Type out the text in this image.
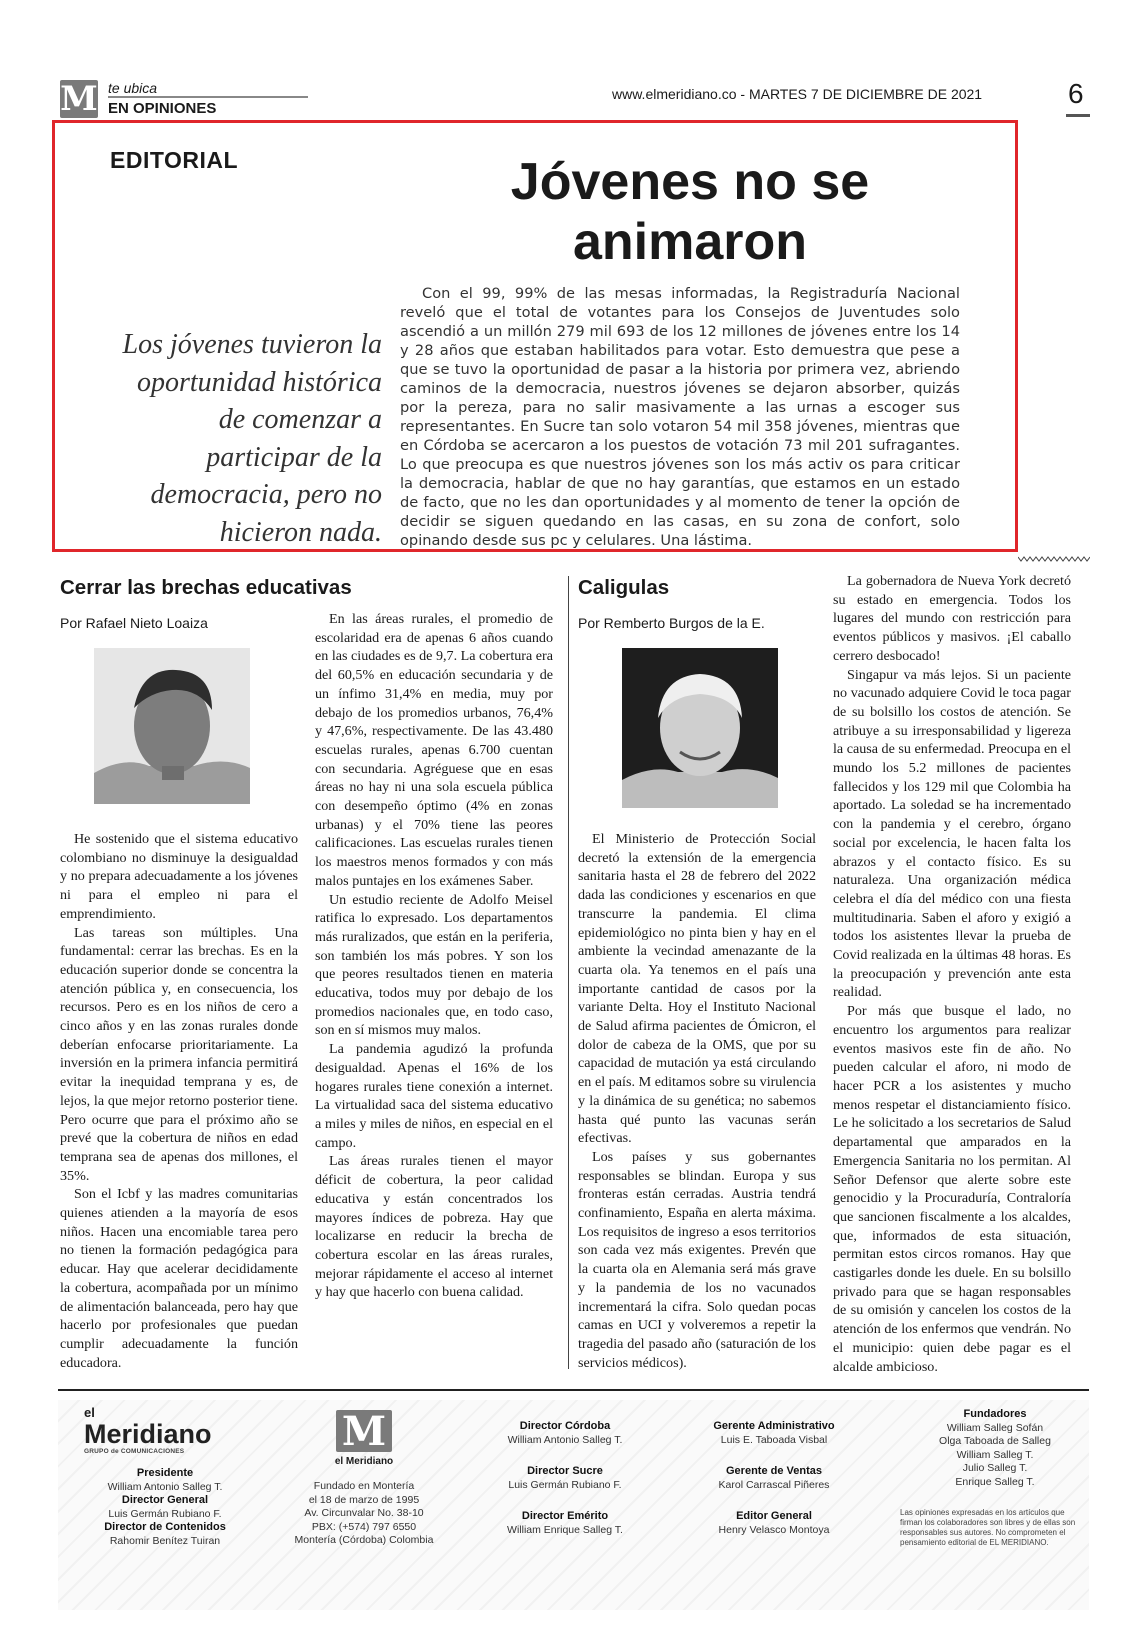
M te ubica
EN OPINIONES
www.elmeridiano.co - MARTES 7 DE DICIEMBRE DE 2021	6
EDITORIAL	Jóvenes no se animaron
Los jóvenes tuvieron la oportunidad histórica de comenzar a participar de la democracia, pero no hicieron nada.
Con el 99, 99% de las mesas informadas, la Registraduría Nacional reveló que el total de votantes para los Consejos de Juventudes solo ascendió a un millón 279 mil 693 de los 12 millones de jóvenes entre los 14 y 28 años que estaban habilitados para votar. Esto demuestra que pese a que se tuvo la oportunidad de pasar a la historia por primera vez, abriendo caminos de la democracia, nuestros jóvenes se dejaron absorber, quizás por la pereza, para no salir masivamente a las urnas a escoger sus representantes. En Sucre tan solo votaron 54 mil 358 jóvenes, mientras que en Córdoba se acercaron a los puestos de votación 73 mil 201 sufragantes. Lo que preocupa es que nuestros jóvenes son los más activ os para criticar la democracia, hablar de que no hay garantías, que estamos en un estado de facto, que no les dan oportunidades y al momento de tener la opción de decidir se siguen quedando en las casas, en su zona de confort, solo opinando desde sus pc y celulares. Una lástima.
Cerrar las brechas educativas
Por Rafael Nieto Loaiza

He sostenido que el sistema educativo colombiano no disminuye la desigualdad y no prepara adecuadamente a los jóvenes ni para el empleo ni para el emprendimiento.

Las tareas son múltiples. Una fundamental: cerrar las brechas. Es en la educación superior donde se concentra la atención pública y, en consecuencia, los recursos. Pero es en los niños de cero a cinco años y en las zonas rurales donde deberían enfocarse prioritariamente. La inversión en la primera infancia permitirá evitar la inequidad temprana y es, de lejos, la que mejor retorno posterior tiene. Pero ocurre que para el próximo año se prevé que la cobertura de niños en edad temprana sea de apenas dos millones, el 35%.

Son el Icbf y las madres comunitarias quienes atienden a la mayoría de esos niños. Hacen una encomiable tarea pero no tienen la formación pedagógica para educar. Hay que acelerar decididamente la cobertura, acompañada por un mínimo de alimentación balanceada, pero hay que hacerlo por profesionales que puedan cumplir adecuadamente la función educadora.

En las áreas rurales, el promedio de escolaridad era de apenas 6 años cuando en las ciudades es de 9,7. La cobertura era del 60,5% en educación secundaria y de un ínfimo 31,4% en media, muy por debajo de los promedios urbanos, 76,4% y 47,6%, respectivamente. De las 43.480 escuelas rurales, apenas 6.700 cuentan con secundaria. Agréguese que en esas áreas no hay ni una sola escuela pública con desempeño óptimo (4% en zonas urbanas) y el 70% tiene las peores calificaciones. Las escuelas rurales tienen los maestros menos formados y con más malos puntajes en los exámenes Saber.

Un estudio reciente de Adolfo Meisel ratifica lo expresado. Los departamentos más ruralizados, que están en la periferia, son también los más pobres. Y son los que peores resultados tienen en materia educativa, todos muy por debajo de los promedios nacionales que, en todo caso, son en sí mismos muy malos.

La pandemia agudizó la profunda desigualdad. Apenas el 16% de los hogares rurales tiene conexión a internet. La virtualidad saca del sistema educativo a miles y miles de niños, en especial en el campo.

Las áreas rurales tienen el mayor déficit de cobertura, la peor calidad educativa y están concentrados los mayores índices de pobreza. Hay que localizarse en reducir la brecha de cobertura escolar en las áreas rurales, mejorar rápidamente el acceso al internet y hay que hacerlo con buena calidad.

Caligulas
Por Remberto Burgos de la E.

El Ministerio de Protección Social decretó la extensión de la emergencia sanitaria hasta el 28 de febrero del 2022 dada las condiciones y escenarios en que transcurre la pandemia. El clima epidemiológico no pinta bien y hay en el ambiente la vecindad amenazante de la cuarta ola. Ya tenemos en el país una importante cantidad de casos por la variante Delta. Hoy el Instituto Nacional de Salud afirma pacientes de Ómicron, el dolor de cabeza de la OMS, que por su capacidad de mutación ya está circulando en el país. M editamos sobre su virulencia y la dinámica de su genética; no sabemos hasta qué punto las vacunas serán efectivas.

Los países y sus gobernantes responsables se blindan. Europa y sus fronteras están cerradas. Austria tendrá confinamiento, España en alerta máxima. Los requisitos de ingreso a esos territorios son cada vez más exigentes. Prevén que la cuarta ola en Alemania será más grave y la pandemia de los no vacunados incrementará la cifra. Solo quedan pocas camas en UCI y volveremos a repetir la tragedia del pasado año (saturación de los servicios médicos).

La gobernadora de Nueva York decretó su estado en emergencia. Todos los lugares del mundo con restricción para eventos públicos y masivos. ¡El caballo cerrero desbocado!

Singapur va más lejos. Si un paciente no vacunado adquiere Covid le toca pagar de su bolsillo los costos de atención. Se atribuye a su irresponsabilidad y ligereza la causa de su enfermedad. Preocupa en el mundo los 5.2 millones de pacientes fallecidos y los 129 mil que Colombia ha aportado. La soledad se ha incrementado con la pandemia y el cerebro, órgano social por excelencia, le hacen falta los abrazos y el contacto físico. Es su naturaleza. Una organización médica celebra el día del médico con una fiesta multitudinaria. Saben el aforo y exigió a todos los asistentes llevar la prueba de Covid realizada en la últimas 48 horas. Es la preocupación y prevención ante esta realidad.

Por más que busque el lado, no encuentro los argumentos para realizar eventos masivos este fin de año. No pueden calcular el aforo, ni modo de hacer PCR a los asistentes y mucho menos respetar el distanciamiento físico. Le he solicitado a los secretarios de Salud departamental que amparados en la Emergencia Sanitaria no los permitan. Al Señor Defensor que alerte sobre este genocidio y la Procuraduría, Contraloría que sancionen fiscalmente a los alcaldes, que, informados de esta situación, permitan estos circos romanos. Hay que castigarles donde les duele. En su bolsillo privado para que se hagan responsables de su omisión y cancelen los costos de la atención de los enfermos que vendrán. No el municipio: quien debe pagar es el alcalde ambicioso.

el
Meridiano
GRUPO de COMUNICACIONES
Presidente
William Antonio Salleg T.
Director General
Luis Germán Rubiano F.
Director de Contenidos
Rahomir Benítez Tuiran
M
el Meridiano
Fundado en Montería
el 18 de marzo de 1995
Av. Circunvalar No. 38-10
PBX: (+574) 797 6550
Montería (Córdoba) Colombia
Director Córdoba
William Antonio Salleg T.
Director Sucre
Luis Germán Rubiano F.
Director Emérito
William Enrique Salleg T.
Gerente Administrativo
Luis E. Taboada Visbal
Gerente de Ventas
Karol Carrascal Piñeres
Editor General
Henry Velasco Montoya
Fundadores
William Salleg Sofán
Olga Taboada de Salleg
William Salleg T.
Julio Salleg T.
Enrique Salleg T.
Las opiniones expresadas en los artículos que firman los colaboradores son libres y de ellas son responsables sus autores. No comprometen el pensamiento editorial de EL MERIDIANO.
